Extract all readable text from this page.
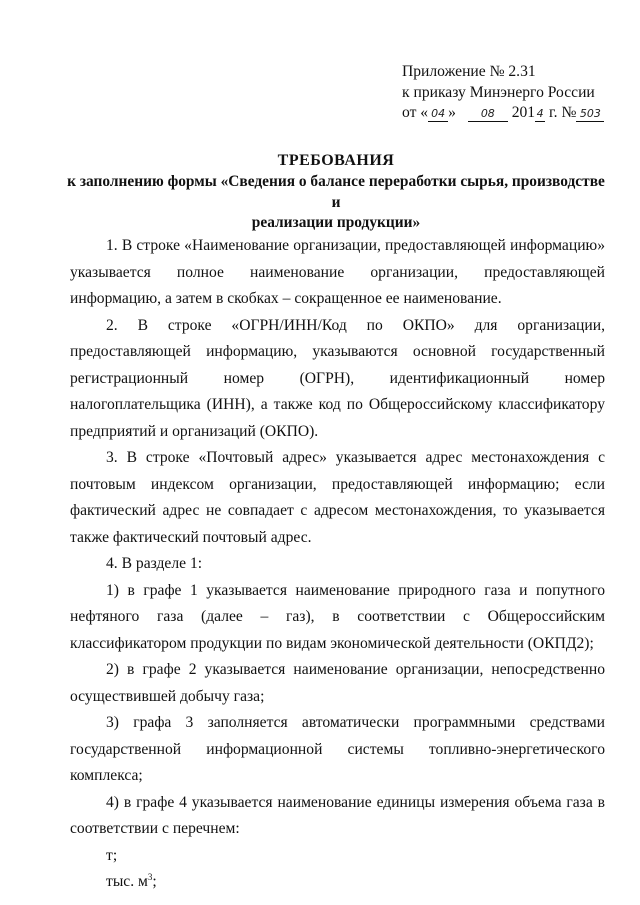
Приложение № 2.31
к приказу Минэнерго России
от « 04 » 08 201 4 г. № 503
ТРЕБОВАНИЯ
к заполнению формы «Сведения о балансе переработки сырья, производстве и
реализации продукции»

1. В строке «Наименование организации, предоставляющей информацию» указывается полное наименование организации, предоставляющей информацию, а затем в скобках – сокращенное ее наименование.

2. В строке «ОГРН/ИНН/Код по ОКПО» для организации, предоставляющей информацию, указываются основной государственный регистрационный номер (ОГРН), идентификационный номер налогоплательщика (ИНН), а также код по Общероссийскому классификатору предприятий и организаций (ОКПО).

3. В строке «Почтовый адрес» указывается адрес местонахождения с почтовым индексом организации, предоставляющей информацию; если фактический адрес не совпадает с адресом местонахождения, то указывается также фактический почтовый адрес.

4. В разделе 1:

1) в графе 1 указывается наименование природного газа и попутного нефтяного газа (далее – газ), в соответствии с Общероссийским классификатором продукции по видам экономической деятельности (ОКПД2);

2) в графе 2 указывается наименование организации, непосредственно осуществившей добычу газа;

3) графа 3 заполняется автоматически программными средствами государственной информационной системы топливно-энергетического комплекса;

4) в графе 4 указывается наименование единицы измерения объема газа в соответствии с перечнем:

т;

тыс. $м^3$;
